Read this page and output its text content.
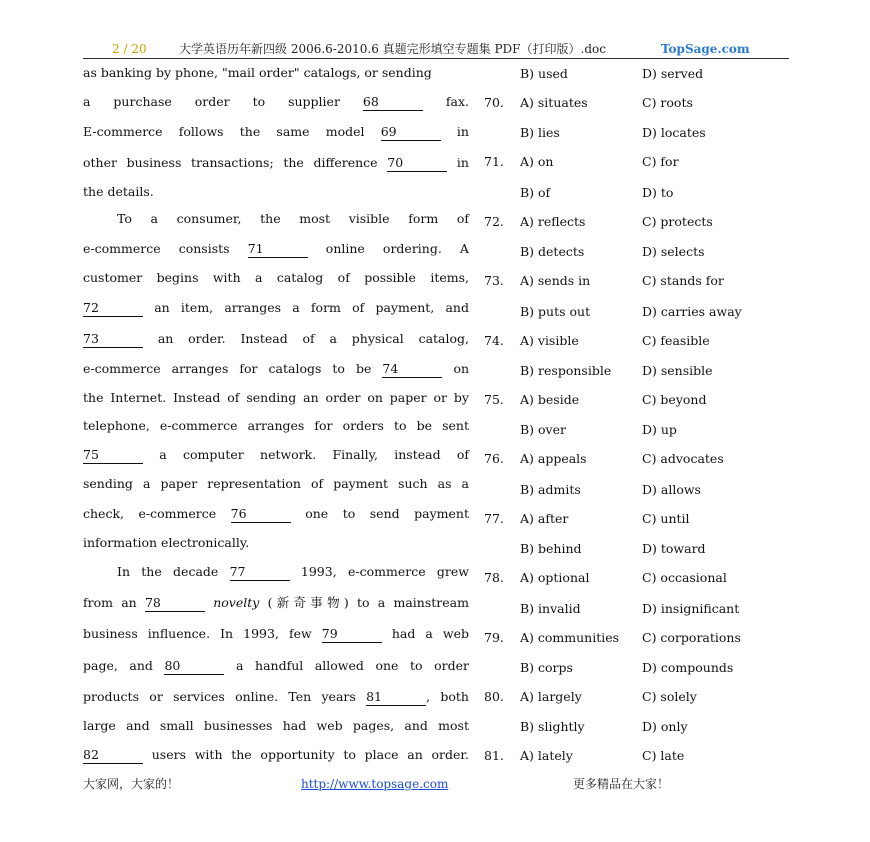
2 / 20	大学英语历年新四级 2006.6-2010.6 真题完形填空专题集 PDF（打印版）.doc	TopSage.com
as banking by phone, "mail order" catalogs, or sending
a purchase order to supplier 68	fax.
E-commerce follows the same model 69	in
other business transactions; the difference 70	in
the details.
To a consumer, the most visible form of
e-commerce consists 71	online ordering. A
customer begins with a catalog of possible items,
72	an item, arranges a form of payment, and
73	an order. Instead of a physical catalog,
e-commerce arranges for catalogs to be 74	on
the Internet. Instead of sending an order on paper or by
telephone, e-commerce arranges for orders to be sent
75	a computer network. Finally, instead of
sending a paper representation of payment such as a
check, e-commerce 76	one to send payment
information electronically.
In the decade 77	1993, e-commerce grew
from an 78	novelty (新奇事物) to a mainstream
business influence. In 1993, few 79	had a web
page, and 80	a handful allowed one to order
products or services online. Ten years 81	, both
large and small businesses had web pages, and most
82	users with the opportunity to place an order.
B) used	D) served
70.	A) situates	C) roots
B) lies	D) locates
71.	A) on	C) for
B) of	D) to
72.	A) reflects	C) protects
B) detects	D) selects
73.	A) sends in	C) stands for
B) puts out	D) carries away
74.	A) visible	C) feasible
B) responsible D) sensible
75.	A) beside	C) beyond
B) over	D) up
76.	A) appeals	C) advocates
B) admits	D) allows
77.	A) after	C) until
B) behind	D) toward
78.	A) optional	C) occasional
B) invalid	D) insignificant
79.	A) communities C) corporations
B) corps	D) compounds
80.	A) largely	C) solely
B) slightly	D) only
81.	A) lately	C) late
大家网，大家的！	http://www.topsage.com	更多精品在大家！
